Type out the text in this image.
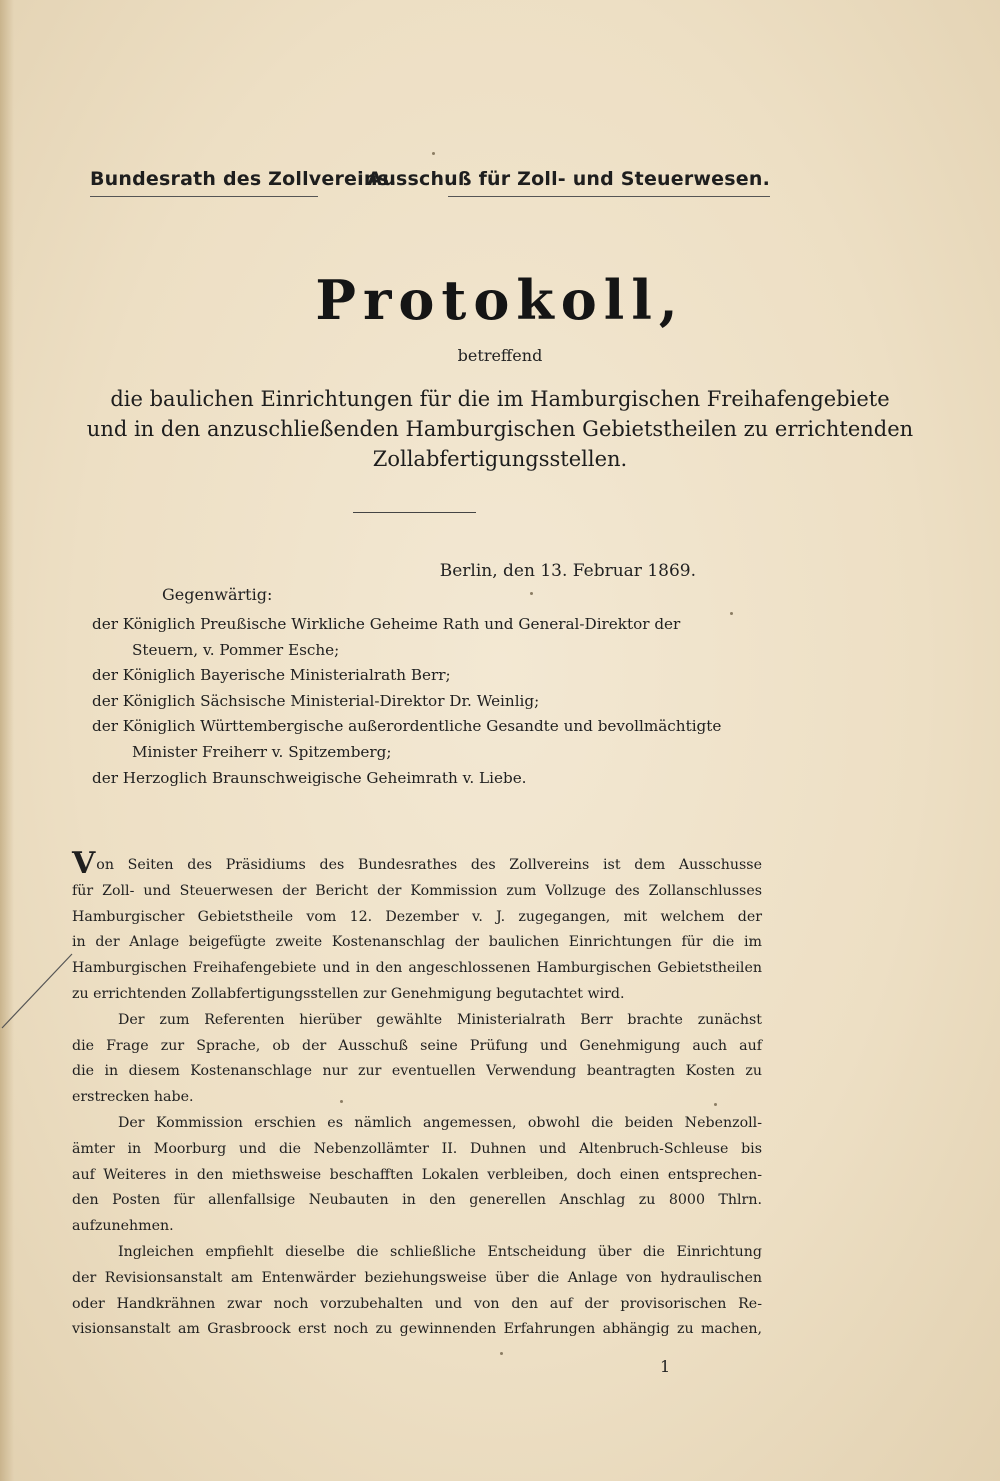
Bundesrath des Zollvereins.
Ausschuß für Zoll- und Steuerwesen.
Protokoll,
betreffend
die baulichen Einrichtungen für die im Hamburgischen Freihafengebiete
und in den anzuschließenden Hamburgischen Gebietstheilen zu errichtenden
Zollabfertigungsstellen.
Berlin, den 13. Februar 1869.
Gegenwärtig:
der Königlich Preußische Wirkliche Geheime Rath und General-Direktor der
Steuern, v. Pommer Esche;
der Königlich Bayerische Ministerialrath Berr;
der Königlich Sächsische Ministerial-Direktor Dr. Weinlig;
der Königlich Württembergische außerordentliche Gesandte und bevollmächtigte
Minister Freiherr v. Spitzemberg;
der Herzoglich Braunschweigische Geheimrath v. Liebe.
Von Seiten des Präsidiums des Bundesrathes des Zollvereins ist dem Ausschusse
für Zoll- und Steuerwesen der Bericht der Kommission zum Vollzuge des Zollanschlusses
Hamburgischer Gebietstheile vom 12. Dezember v. J. zugegangen, mit welchem der
in der Anlage beigefügte zweite Kostenanschlag der baulichen Einrichtungen für die im
Hamburgischen Freihafengebiete und in den angeschlossenen Hamburgischen Gebietstheilen
zu errichtenden Zollabfertigungsstellen zur Genehmigung begutachtet wird.
Der zum Referenten hierüber gewählte Ministerialrath Berr brachte zunächst
die Frage zur Sprache, ob der Ausschuß seine Prüfung und Genehmigung auch auf
die in diesem Kostenanschlage nur zur eventuellen Verwendung beantragten Kosten zu
erstrecken habe.
Der Kommission erschien es nämlich angemessen, obwohl die beiden Nebenzoll-
ämter in Moorburg und die Nebenzollämter II. Duhnen und Altenbruch-Schleuse bis
auf Weiteres in den miethsweise beschafften Lokalen verbleiben, doch einen entsprechen-
den Posten für allenfallsige Neubauten in den generellen Anschlag zu 8000 Thlrn.
aufzunehmen.
Ingleichen empfiehlt dieselbe die schließliche Entscheidung über die Einrichtung
der Revisionsanstalt am Entenwärder beziehungsweise über die Anlage von hydraulischen
oder Handkrähnen zwar noch vorzubehalten und von den auf der provisorischen Re-
visionsanstalt am Grasbroock erst noch zu gewinnenden Erfahrungen abhängig zu machen,
1
